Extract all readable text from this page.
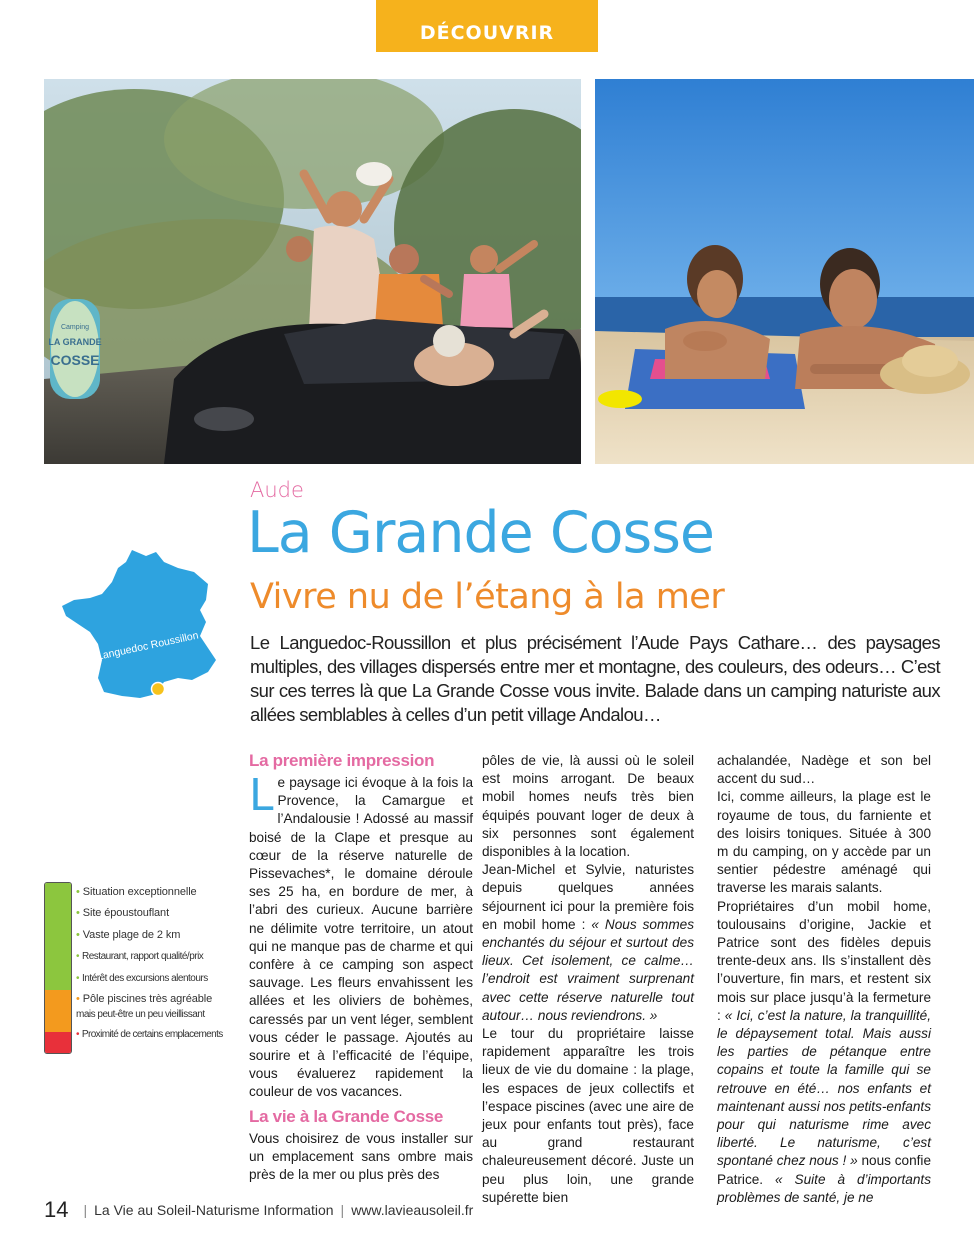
DÉCOUVRIR
Camping
LA GRANDE
COSSE
Aude
La Grande Cosse
Vivre nu de l’étang à la mer
Le Languedoc-Roussillon et plus précisément l’Aude Pays Cathare… des paysages multiples, des villages dispersés entre mer et montagne, des couleurs, des odeurs… C’est sur ces terres là que La Grande Cosse vous invite. Balade dans un camping naturiste aux allées semblables à celles d’un petit village Andalou…
Languedoc Roussillon
• Situation exceptionnelle
• Site époustouflant
• Vaste plage de 2 km
• Restaurant, rapport qualité/prix
• Intérêt des excursions alentours
• Pôle piscines très agréable
mais peut-être un peu vieillissant
• Proximité de certains emplacements
La première impression

Le paysage ici évoque à la fois la Provence, la Camargue et l’Andalousie ! Adossé au massif boisé de la Clape et presque au cœur de la réserve naturelle de Pissevaches*, le domaine déroule ses 25 ha, en bordure de mer, à l’abri des curieux. Aucune barrière ne délimite votre territoire, un atout qui ne manque pas de charme et qui confère à ce camping son aspect sauvage. Les fleurs envahissent les allées et les oliviers de bohèmes, caressés par un vent léger, semblent vous céder le passage. Ajoutés au sourire et à l’efficacité de l’équipe, vous évaluerez rapidement la couleur de vos vacances.

La vie à la Grande Cosse

Vous choisirez de vous installer sur un emplacement sans ombre mais près de la mer ou plus près des

pôles de vie, là aussi où le soleil est moins arrogant. De beaux mobil homes neufs très bien équipés pouvant loger de deux à six personnes sont également disponibles à la location.

Jean-Michel et Sylvie, naturistes depuis quelques années séjournent ici pour la première fois en mobil home : « Nous sommes enchantés du séjour et surtout des lieux. Cet isolement, ce calme… l’endroit est vraiment surprenant avec cette réserve naturelle tout autour… nous reviendrons. »

Le tour du propriétaire laisse rapidement apparaître les trois lieux de vie du domaine : la plage, les espaces de jeux collectifs et l’espace piscines (avec une aire de jeux pour enfants tout près), face au grand restaurant chaleureusement décoré. Juste un peu plus loin, une grande supérette bien

achalandée, Nadège et son bel accent du sud…

Ici, comme ailleurs, la plage est le royaume de tous, du farniente et des loisirs toniques. Située à 300 m du camping, on y accède par un sentier pédestre aménagé qui traverse les marais salants.

Propriétaires d’un mobil home, toulousains d’origine, Jackie et Patrice sont des fidèles depuis trente-deux ans. Ils s’installent dès l’ouverture, fin mars, et restent six mois sur place jusqu’à la fermeture : « Ici, c’est la nature, la tranquillité, le dépaysement total. Mais aussi les parties de pétanque entre copains et toute la famille qui se retrouve en été… nos enfants et maintenant aussi nos petits-enfants pour qui naturisme rime avec liberté. Le naturisme, c’est spontané chez nous ! » nous confie Patrice. « Suite à d’importants problèmes de santé, je ne

14 | La Vie au Soleil-Naturisme Information | www.lavieausoleil.fr
